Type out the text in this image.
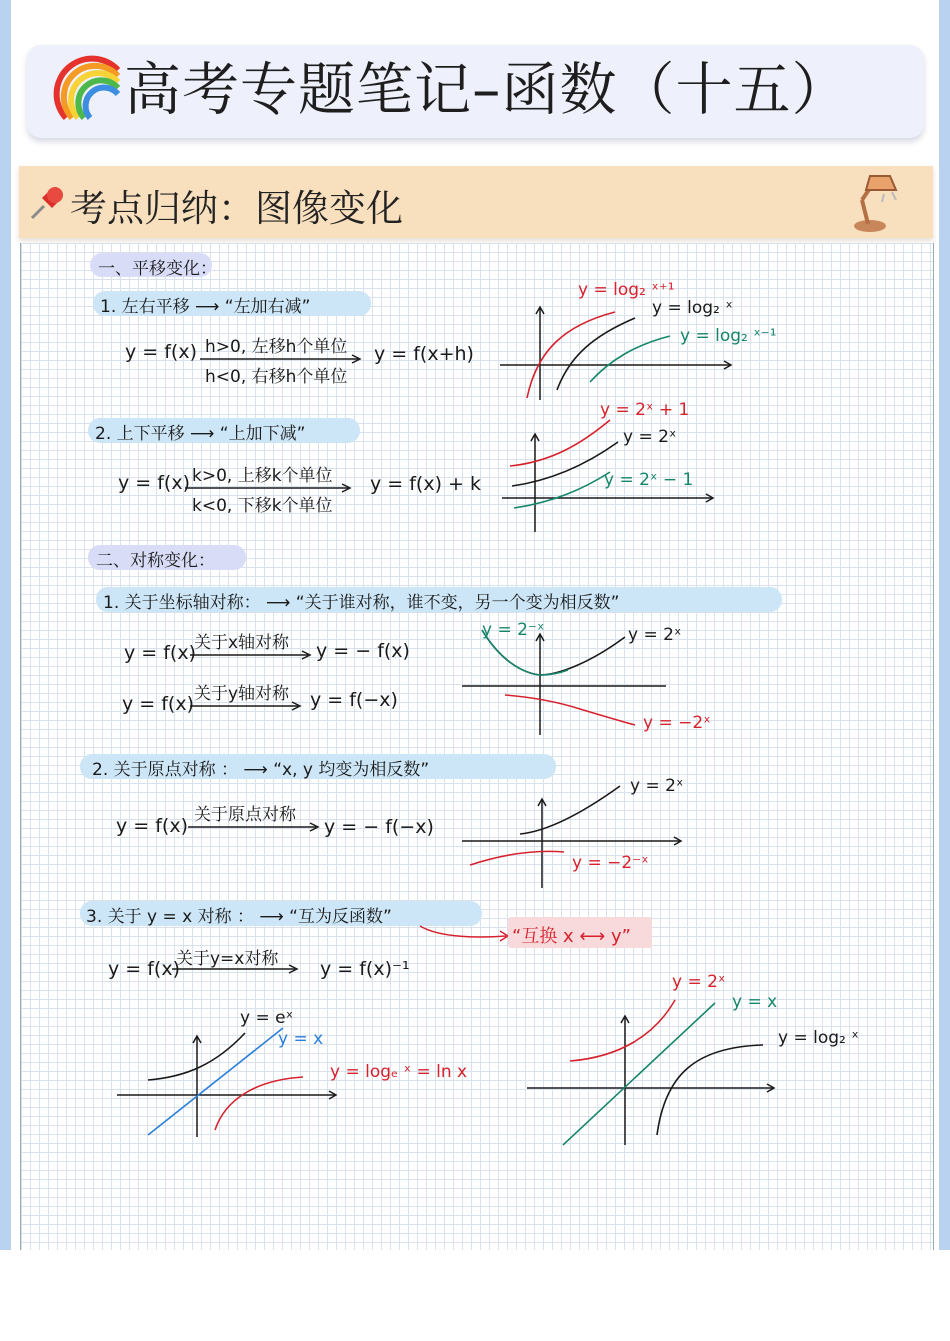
高考专题笔记–函数（十五）
考点归纳：图像变化
一、平移变化：
1. 左右平移 ⟶ “左加右减”
y = f(x) h>0, 左移h个单位
h<0, 右移h个单位
y = f(x+h)
y = log₂ ˣ⁺¹
y = log₂ ˣ
y = log₂ ˣ⁻¹
2. 上下平移 ⟶ “上加下减”
y = f(x) k>0, 上移k个单位
k<0, 下移k个单位
y = f(x) + k
y = 2ˣ + 1
y = 2ˣ
y = 2ˣ − 1
二、对称变化：
1. 关于坐标轴对称： ⟶ “关于谁对称，谁不变，另一个变为相反数”
y = f(x)
关于x轴对称 y = − f(x)
y = f(x) 关于y轴对称 y = f(−x)
y = 2⁻ˣ	y = 2ˣ
y = −2ˣ
2. 关于原点对称 ： ⟶ “x, y 均变为相反数”
y = f(x) 关于原点对称
y = − f(−x)
y = 2ˣ
y = −2⁻ˣ
3. 关于 y = x 对称 ： ⟶ “互为反函数”
“互换 x ⟷ y”
y = f(x)
关于y=x对称 y = f(x)⁻¹
y = eˣ
y = x
y = logₑ ˣ = ln x
y = 2ˣ
y = x
y = log₂ ˣ
